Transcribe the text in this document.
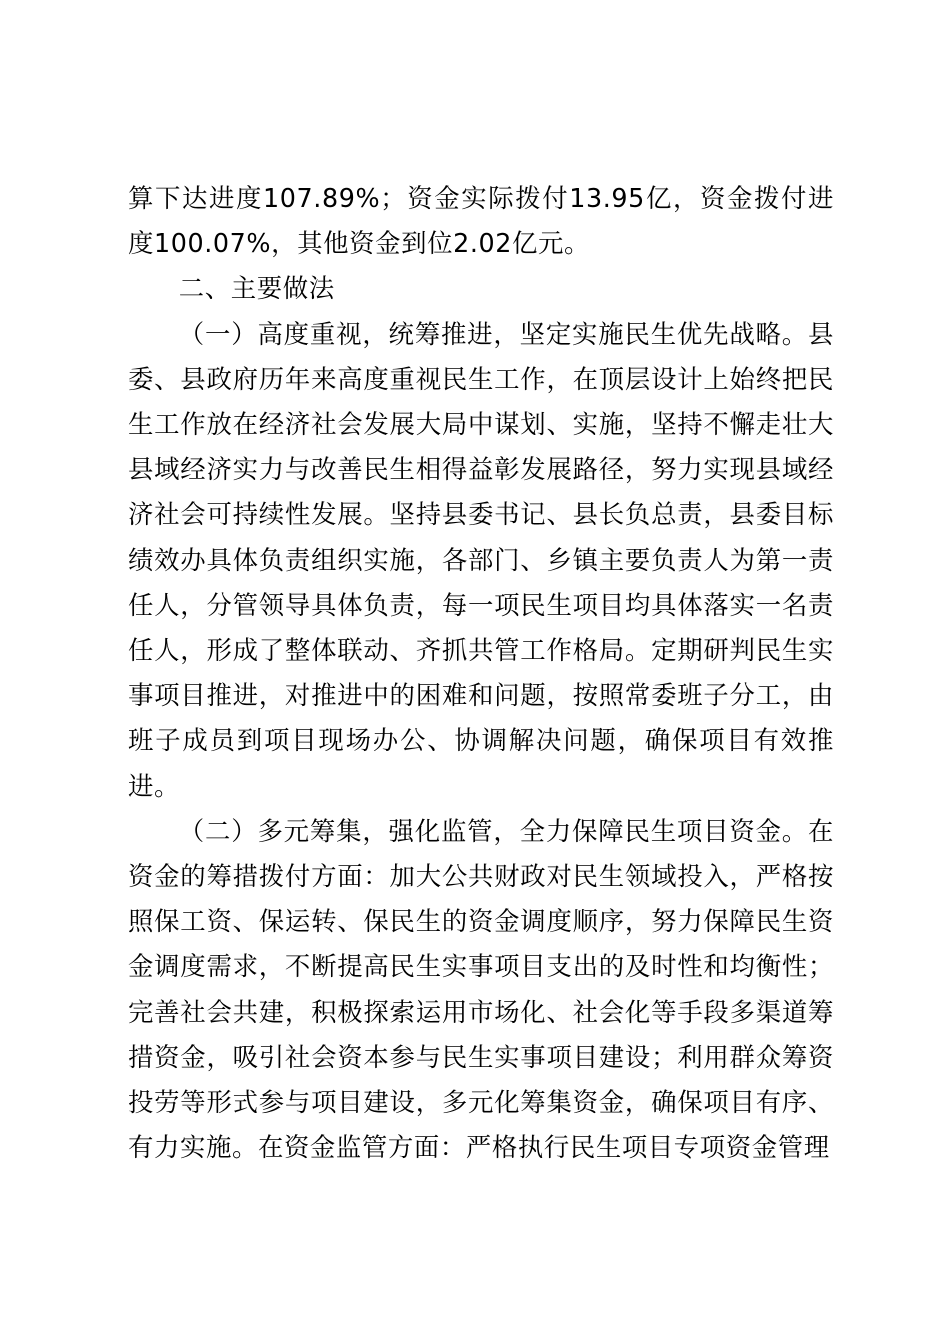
算下达进度107.89%；资金实际拨付13.95亿，资金拨付进度100.07%，其他资金到位2.02亿元。

二、主要做法

（一）高度重视，统筹推进，坚定实施民生优先战略。县委、县政府历年来高度重视民生工作，在顶层设计上始终把民生工作放在经济社会发展大局中谋划、实施，坚持不懈走壮大县域经济实力与改善民生相得益彰发展路径，努力实现县域经济社会可持续性发展。坚持县委书记、县长负总责，县委目标绩效办具体负责组织实施，各部门、乡镇主要负责人为第一责任人，分管领导具体负责，每一项民生项目均具体落实一名责任人，形成了整体联动、齐抓共管工作格局。定期研判民生实事项目推进，对推进中的困难和问题，按照常委班子分工，由班子成员到项目现场办公、协调解决问题，确保项目有效推进。

（二）多元筹集，强化监管，全力保障民生项目资金。在资金的筹措拨付方面：加大公共财政对民生领域投入，严格按照保工资、保运转、保民生的资金调度顺序，努力保障民生资金调度需求，不断提高民生实事项目支出的及时性和均衡性；完善社会共建，积极探索运用市场化、社会化等手段多渠道筹措资金，吸引社会资本参与民生实事项目建设；利用群众筹资投劳等形式参与项目建设，多元化筹集资金，确保项目有序、有力实施。在资金监管方面：严格执行民生项目专项资金管理
